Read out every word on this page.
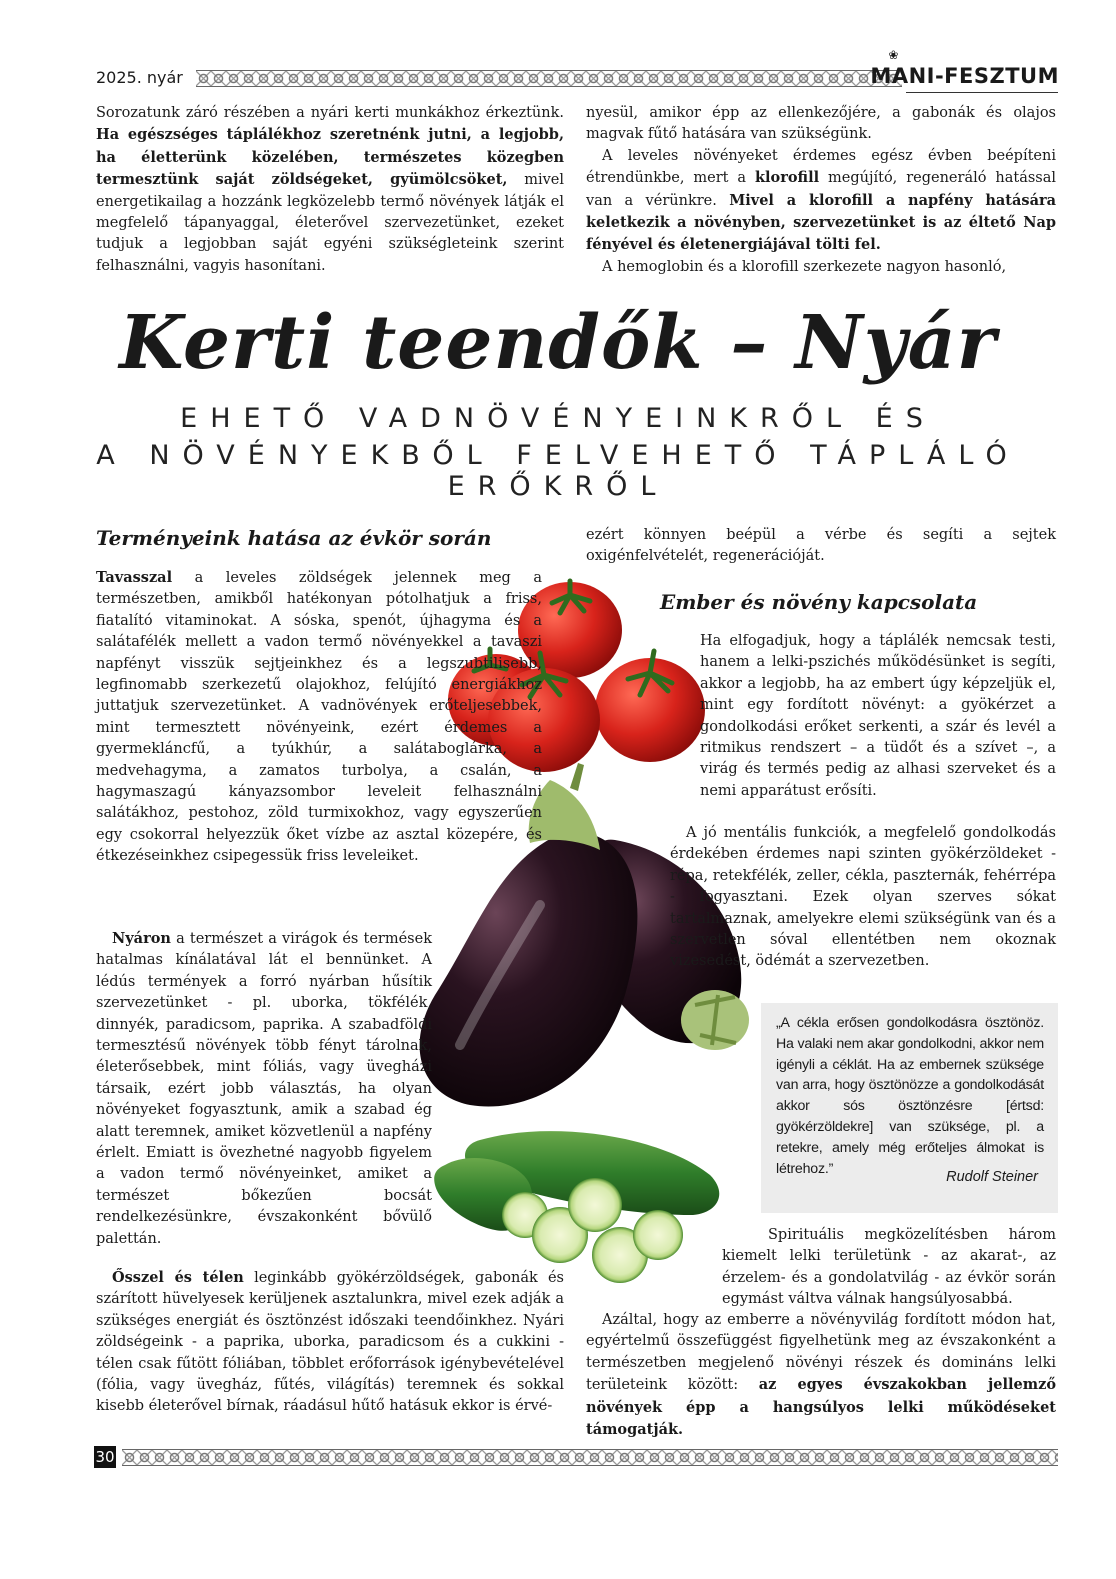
2025. nyár
❀
MANI-FESZTUM

Sorozatunk záró részében a nyári kerti munkákhoz érkeztünk. Ha egészséges táplálékhoz szeretnénk jutni, a legjobb, ha életterünk közelében, természetes közegben termesztünk saját zöldségeket, gyümölcsöket, mivel energetikailag a hozzánk legközelebb termő növények látják el megfelelő tápanyaggal, életerővel szervezetünket, ezeket tudjuk a legjobban saját egyéni szükségleteink szerint felhasználni, vagyis hasonítani.

nyesül, amikor épp az ellenkezőjére, a gabonák és olajos magvak fűtő hatására van szükségünk.

A leveles növényeket érdemes egész évben beépíteni étrendünkbe, mert a klorofill megújító, regeneráló hatással van a vérünkre. Mivel a klorofill a napfény hatására keletkezik a növényben, szervezetünket is az éltető Nap fényével és életenergiájával tölti fel.

A hemoglobin és a klorofill szerkezete nagyon hasonló,

Kerti teendők – Nyár
EHETŐ VADNÖVÉNYEINKRŐL ÉS
A NÖVÉNYEKBŐL FELVEHETŐ TÁPLÁLÓ ERŐKRŐL
Terményeink hatása az évkör során

Tavasszal a leveles zöldségek jelennek meg a természetben, amikből hatékonyan pótolhatjuk a friss, fiatalító vitaminokat. A sóska, spenót, újhagyma és a salátafélék mellett a vadon termő növényekkel a tavaszi napfényt visszük sejtjeinkhez és a legszubtilisebb, legfinomabb szerkezetű olajokhoz, felújító energiákhoz juttatjuk szervezetünket. A vadnövények erőteljesebbek, mint termesztett növényeink, ezért érdemes a gyermekláncfű, a tyúkhúr, a salátaboglárka, a medvehagyma, a zamatos turbolya, a csalán, a hagymaszagú kányazsombor leveleit felhasználni salátákhoz, pestohoz, zöld turmixokhoz, vagy egyszerűen egy csokorral helyezzük őket vízbe az asztal közepére, és étkezéseinkhez csipegessük friss leveleiket.

Nyáron a természet a virágok és termések hatalmas kínálatával lát el bennünket. A lédús termények a forró nyárban hűsítik szervezetünket - pl. uborka, tökfélék, dinnyék, paradicsom, paprika. A szabadföldi termesztésű növények több fényt tárolnak, életerősebbek, mint fóliás, vagy üvegházi társaik, ezért jobb választás, ha olyan növényeket fogyasztunk, amik a szabad ég alatt teremnek, amiket közvetlenül a napfény érlelt. Emiatt is övezhetné nagyobb figyelem a vadon termő növényeinket, amiket a természet bőkezűen bocsát rendelkezésünkre, évszakonként bővülő palettán.

Ősszel és télen leginkább gyökérzöldségek, gabonák és szárított hüvelyesek kerüljenek asztalunkra, mivel ezek adják a szükséges energiát és ösztönzést időszaki teendőinkhez. Nyári zöldségeink - a paprika, uborka, paradicsom és a cukkini - télen csak fűtött fóliában, többlet erőforrások igénybevételével (fólia, vagy üvegház, fűtés, világítás) teremnek és sokkal kisebb életerővel bírnak, ráadásul hűtő hatásuk ekkor is érvé-

ezért könnyen beépül a vérbe és segíti a sejtek oxigénfelvételét, regenerációját.
Ember és növény kapcsolata
Ha elfogadjuk, hogy a táplálék nemcsak testi, hanem a lelki-pszichés működésünket is segíti, akkor a legjobb, ha az embert úgy képzeljük el, mint egy fordított növényt: a gyökérzet a gondolkodási erőket serkenti, a szár és levél a ritmikus rendszert – a tüdőt és a szívet –, a virág és termés pedig az alhasi szerveket és a nemi apparátust erősíti.
A jó mentális funkciók, a megfelelő gondolkodás érdekében érdemes napi szinten gyökérzöldeket - répa, retekfélék, zeller, cékla, paszternák, fehérrépa - fogyasztani. Ezek olyan szerves sókat tartalmaznak, amelyekre elemi szükségünk van és a szervetlen sóval ellentétben nem okoznak vizesedést, ödémát a szervezetben.
„A cékla erősen gondolkodásra ösztönöz. Ha valaki nem akar gondolkodni, akkor nem igényli a céklát. Ha az embernek szüksége van arra, hogy ösztönözze a gondolkodását akkor sós ösztönzésre [értsd: gyökérzöldekre] van szüksége, pl. a retekre, amely még erőteljes álmokat is létrehoz.”
Rudolf Steiner
Spirituális megközelítésben három kiemelt lelki területünk - az akarat-, az érzelem- és a gondolatvilág - az évkör során egymást váltva válnak hangsúlyosabbá.

Azáltal, hogy az emberre a növényvilág fordított módon hat, egyértelmű összefüggést figyelhetünk meg az évszakonként a természetben megjelenő növényi részek és domináns lelki területeink között: az egyes évszakokban jellemző növények épp a hangsúlyos lelki működéseket támogatják.

30
